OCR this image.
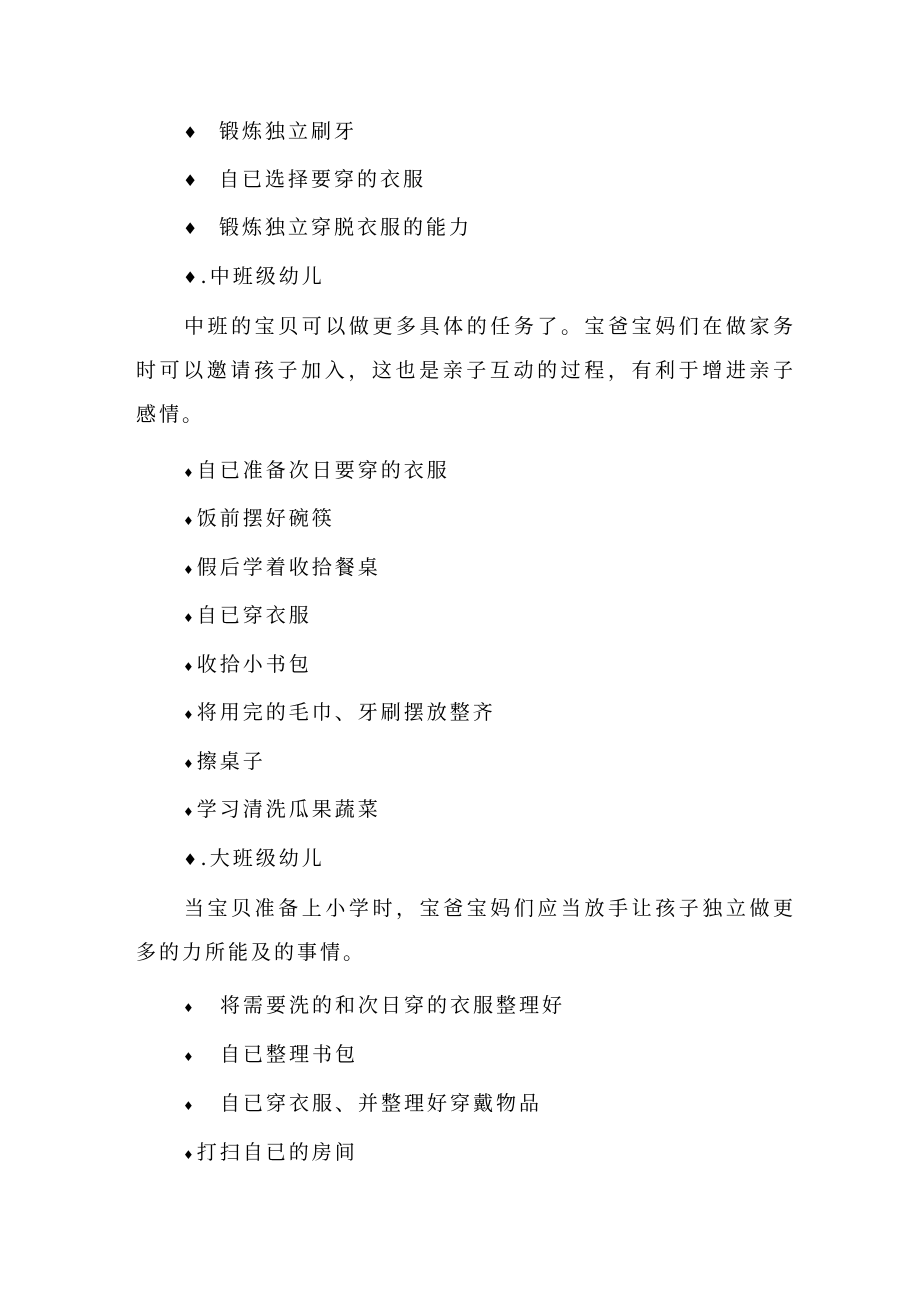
♦ 锻炼独立刷牙
♦ 自已选择要穿的衣服
♦ 锻炼独立穿脱衣服的能力
♦.中班级幼儿
中班的宝贝可以做更多具体的任务了。宝爸宝妈们在做家务时可以邀请孩子加入，这也是亲子互动的过程，有利于增进亲子感情。
♦自已准备次日要穿的衣服
♦饭前摆好碗筷
♦假后学着收拾餐桌
♦自已穿衣服
♦收拾小书包
♦将用完的毛巾、牙刷摆放整齐
♦擦桌子
♦学习清洗瓜果蔬菜
♦.大班级幼儿
当宝贝准备上小学时，宝爸宝妈们应当放手让孩子独立做更多的力所能及的事情。
♦ 将需要洗的和次日穿的衣服整理好
♦ 自已整理书包
♦ 自已穿衣服、并整理好穿戴物品
♦打扫自已的房间
